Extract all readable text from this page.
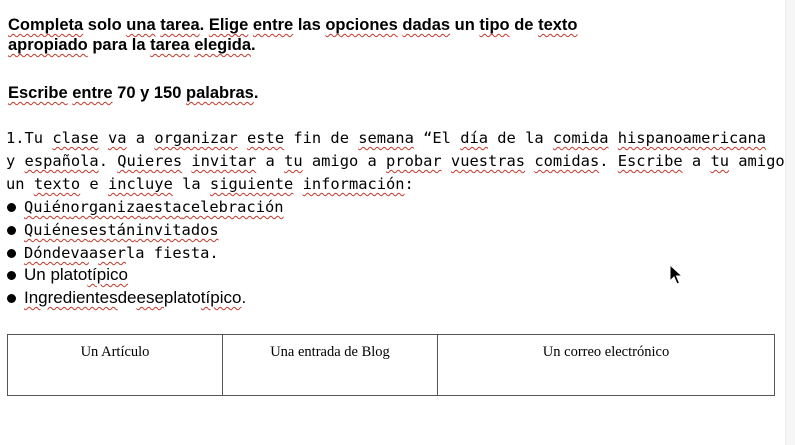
Completa solo una tarea. Elige entre las opciones dadas un tipo de texto
apropiado para la tarea elegida.
Escribe entre 70 y 150 palabras.
1.Tu clase va a organizar este fin de semana “El día de la comida hispanoamericana
y española. Quieres invitar a tu amigo a probar vuestras comidas. Escribe a tu amigo
un texto e incluye la siguiente información:
Quién organiza esta celebración
Quiénes están invitados
Dónde va a ser la fiesta.
Un plato típico
Ingredientes de ese plato típico .
Un Artículo	Una entrada de Blog	Un correo electrónico
